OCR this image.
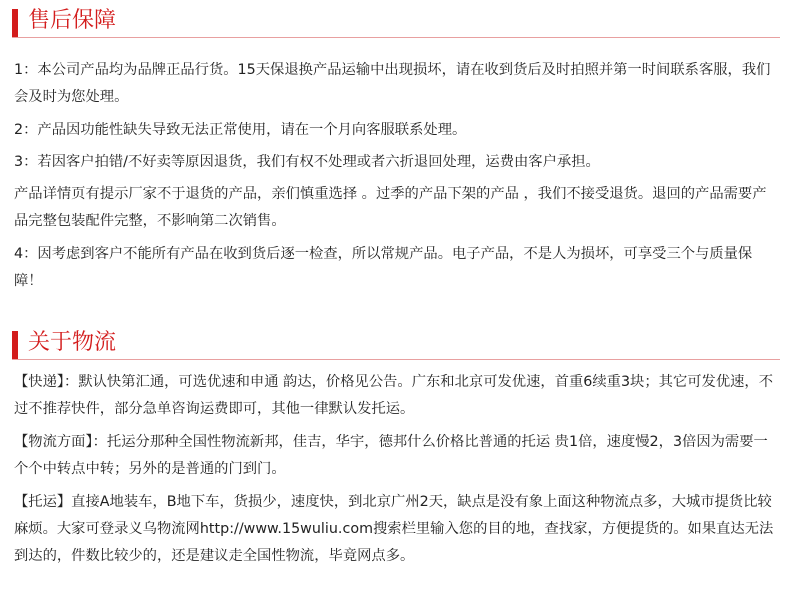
售后保障
1：本公司产品均为品牌正品行货。15天保退换产品运输中出现损坏，请在收到货后及时拍照并第一时间联系客服，我们会及时为您处理。
2：产品因功能性缺失导致无法正常使用，请在一个月向客服联系处理。
3：若因客户拍错/不好卖等原因退货，我们有权不处理或者六折退回处理，运费由客户承担。
产品详情页有提示厂家不于退货的产品，亲们慎重选择 。过季的产品下架的产品 ，我们不接受退货。退回的产品需要产品完整包装配件完整，不影响第二次销售。
4：因考虑到客户不能所有产品在收到货后逐一检查，所以常规产品。电子产品，不是人为损坏，可享受三个与质量保障！
关于物流
【快递】：默认快第汇通，可选优速和申通 韵达，价格见公告。广东和北京可发优速，首重6续重3块；其它可发优速，不过不推荐快件，部分急单咨询运费即可，其他一律默认发托运。
【物流方面】：托运分那种全国性物流新邦，佳吉，华宇，德邦什么价格比普通的托运 贵1倍，速度慢2，3倍因为需要一个个中转点中转；另外的是普通的门到门。
【托运】直接A地装车，B地下车，货损少，速度快，到北京广州2天，缺点是没有象上面这种物流点多，大城市提货比较麻烦。大家可登录义乌物流网http://www.15wuliu.com搜索栏里输入您的目的地，查找家，方便提货的。如果直达无法到达的，件数比较少的，还是建议走全国性物流，毕竟网点多。
